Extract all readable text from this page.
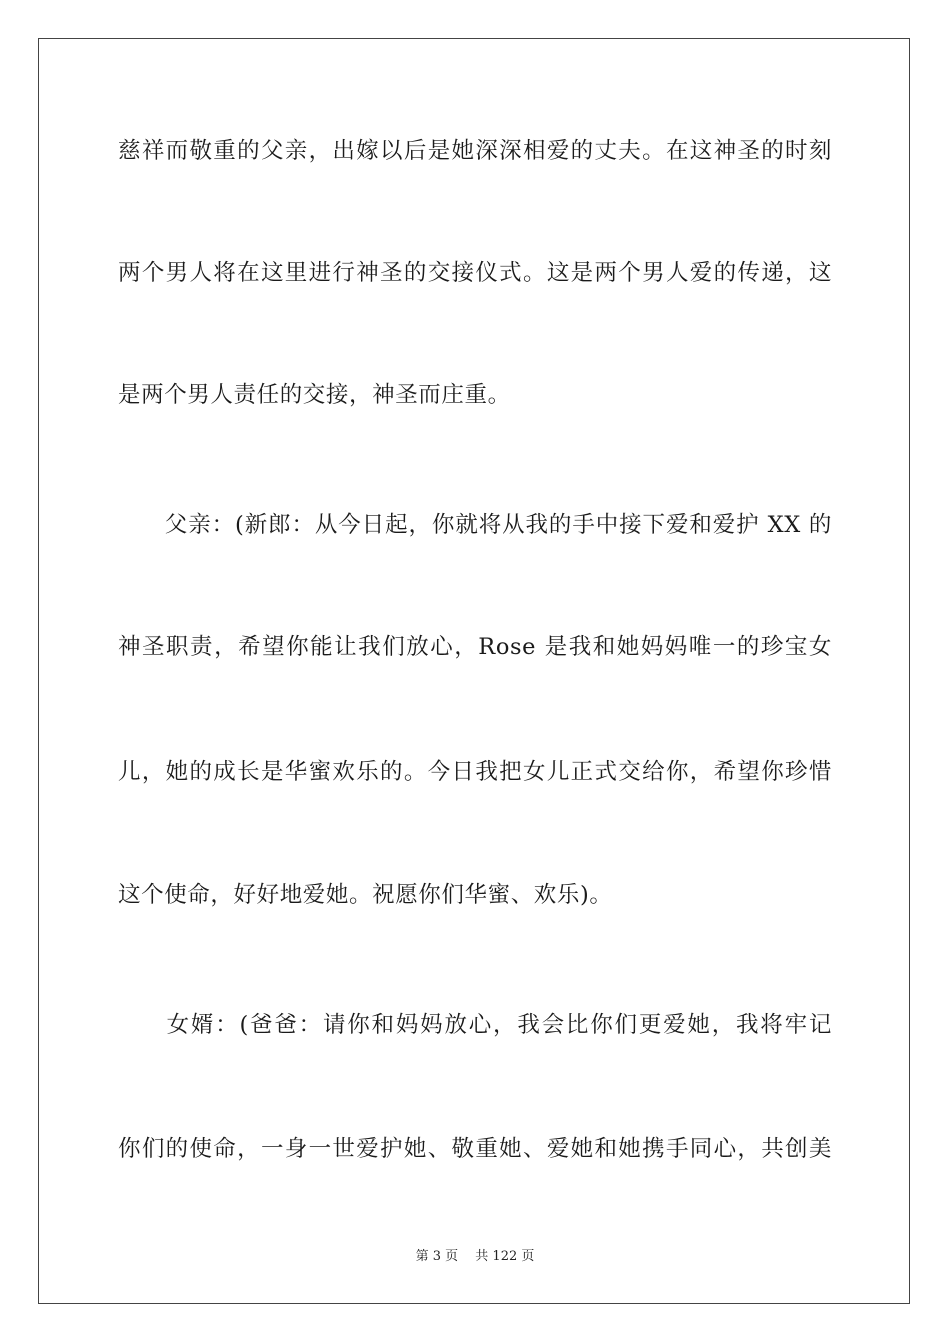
慈祥而敬重的父亲，出嫁以后是她深深相爱的丈夫。在这神圣的时刻
两个男人将在这里进行神圣的交接仪式。这是两个男人爱的传递，这
是两个男人责任的交接，神圣而庄重。
　　父亲：(新郎：从今日起，你就将从我的手中接下爱和爱护 XX 的
神圣职责，希望你能让我们放心，Rose 是我和她妈妈唯一的珍宝女
儿，她的成长是华蜜欢乐的。今日我把女儿正式交给你，希望你珍惜
这个使命，好好地爱她。祝愿你们华蜜、欢乐)。
　　女婿：(爸爸：请你和妈妈放心，我会比你们更爱她，我将牢记
你们的使命，一身一世爱护她、敬重她、爱她和她携手同心，共创美
第 3 页　 共 122 页
